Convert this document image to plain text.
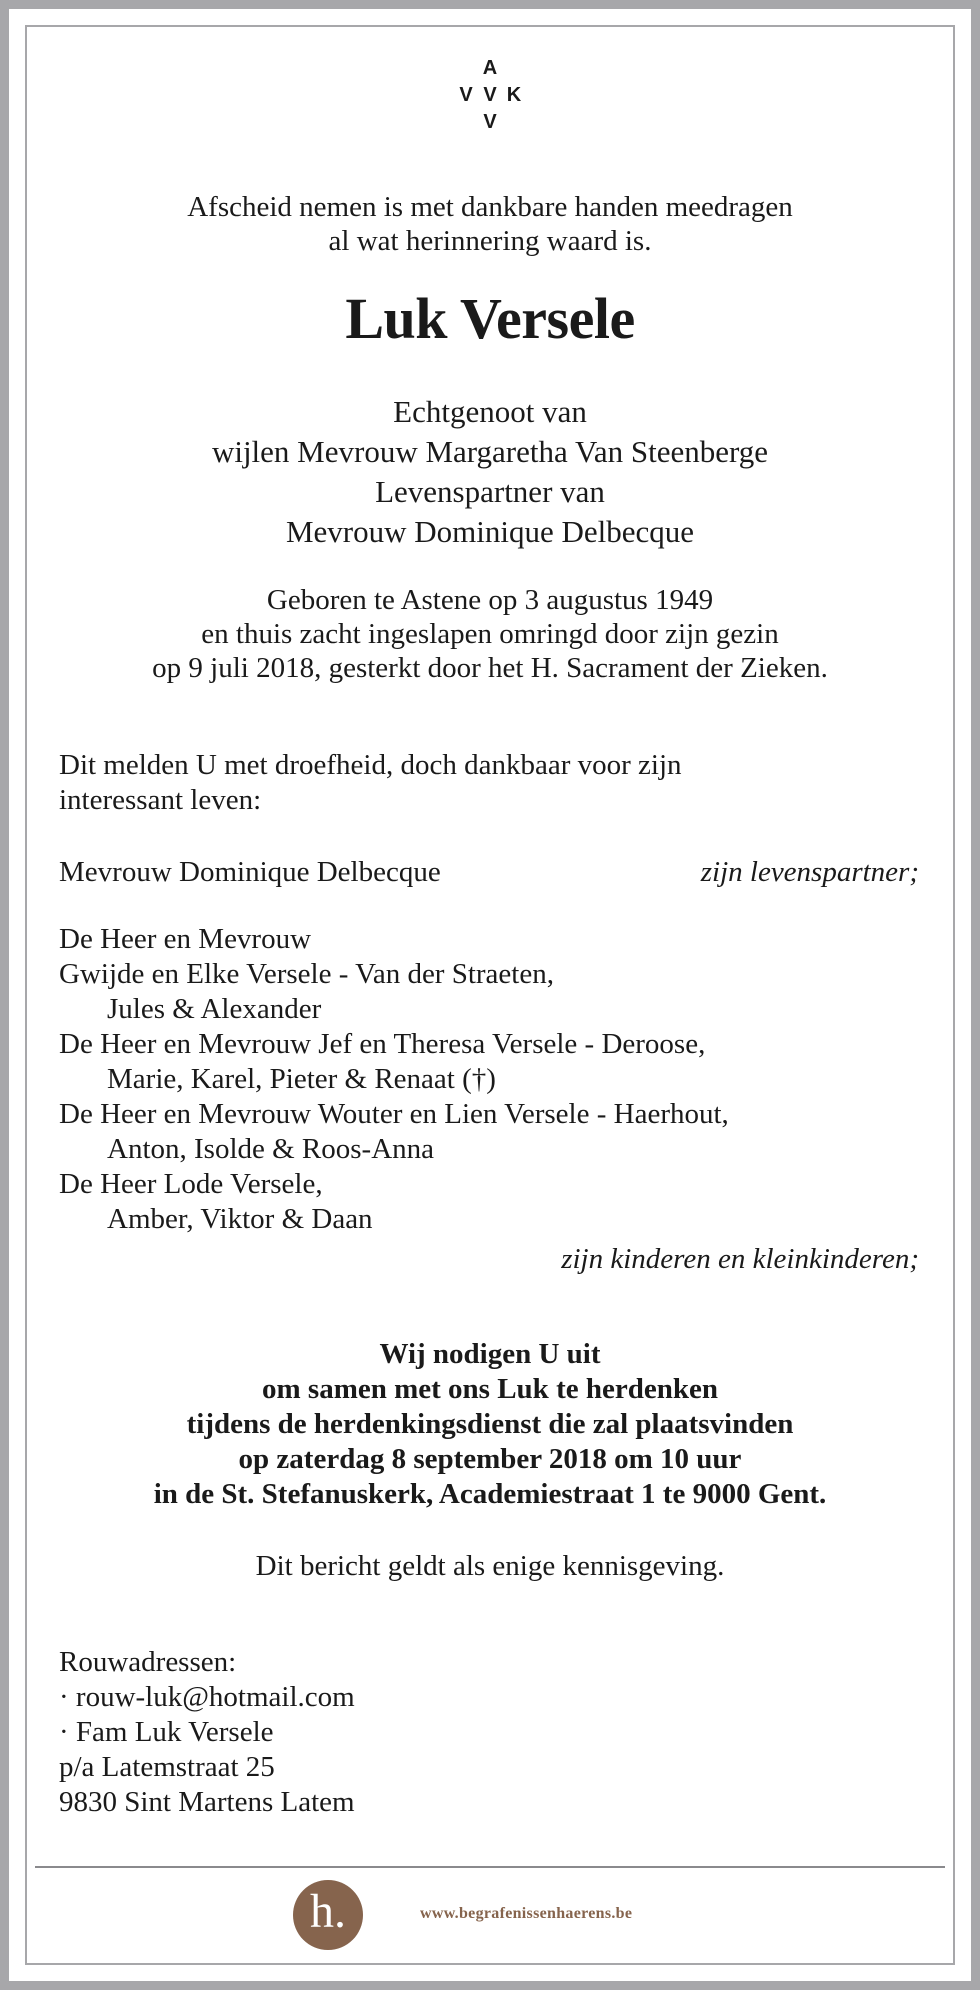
A
V V K
V
Afscheid nemen is met dankbare handen meedragen
al wat herinnering waard is.
Luk Versele
Echtgenoot van
wijlen Mevrouw Margaretha Van Steenberge
Levenspartner van
Mevrouw Dominique Delbecque
Geboren te Astene op 3 augustus 1949
en thuis zacht ingeslapen omringd door zijn gezin
op 9 juli 2018, gesterkt door het H. Sacrament der Zieken.
Dit melden U met droefheid, doch dankbaar voor zijn
interessant leven:
Mevrouw Dominique Delbecque	zijn levenspartner;
De Heer en Mevrouw
Gwijde en Elke Versele - Van der Straeten,
Jules & Alexander
De Heer en Mevrouw Jef en Theresa Versele - Deroose,
Marie, Karel, Pieter & Renaat (†)
De Heer en Mevrouw Wouter en Lien Versele - Haerhout,
Anton, Isolde & Roos-Anna
De Heer Lode Versele,
Amber, Viktor & Daan
zijn kinderen en kleinkinderen;
Wij nodigen U uit
om samen met ons Luk te herdenken
tijdens de herdenkingsdienst die zal plaatsvinden
op zaterdag 8 september 2018 om 10 uur
in de St. Stefanuskerk, Academiestraat 1 te 9000 Gent.
Dit bericht geldt als enige kennisgeving.
Rouwadressen:
· rouw-luk@hotmail.com
· Fam Luk Versele
p/a Latemstraat 25
9830 Sint Martens Latem
h.	www.begrafenissenhaerens.be
